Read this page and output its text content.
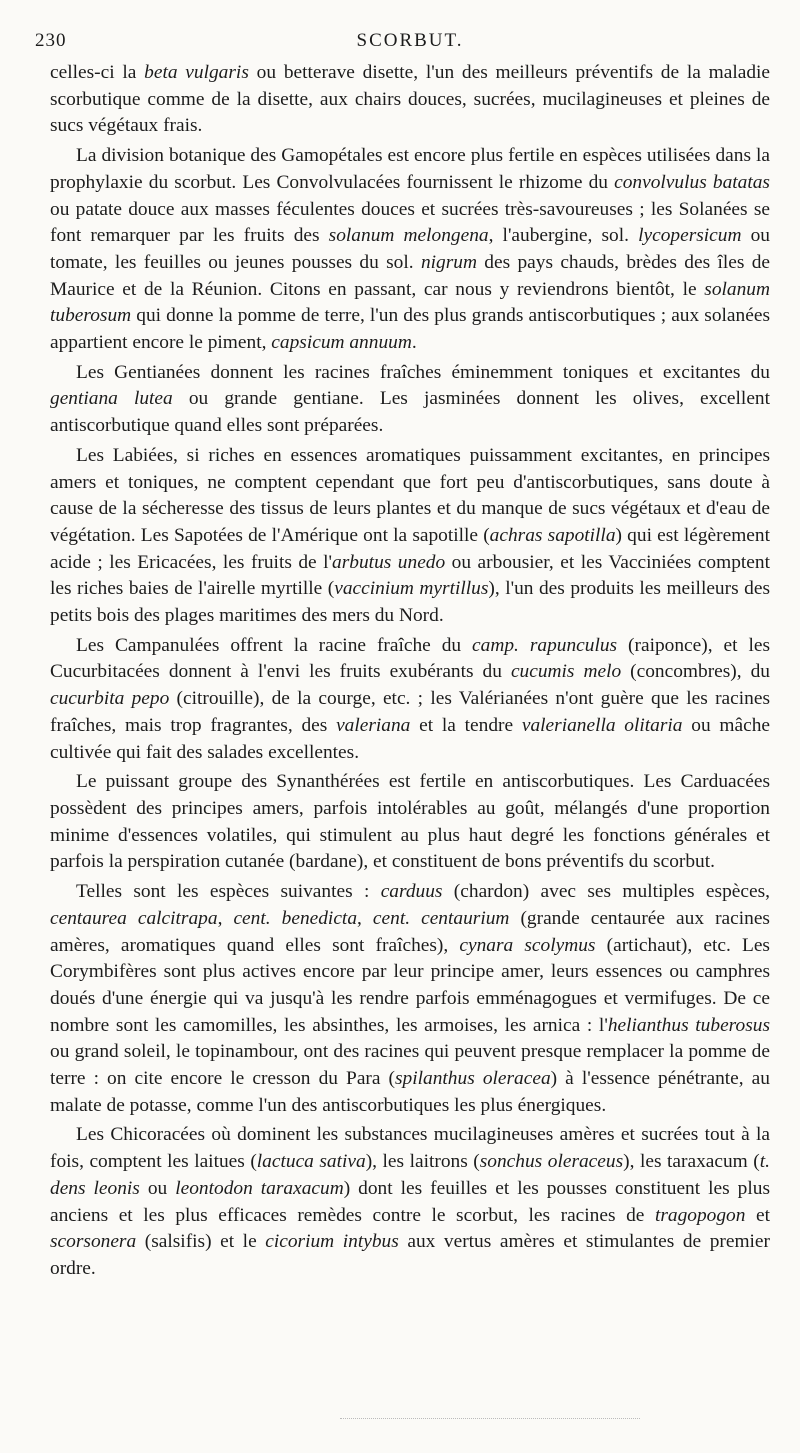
230	SCORBUT.

celles-ci la beta vulgaris ou betterave disette, l'un des meilleurs préventifs de la maladie scorbutique comme de la disette, aux chairs douces, sucrées, mucilagineuses et pleines de sucs végétaux frais.

La division botanique des Gamopétales est encore plus fertile en espèces utilisées dans la prophylaxie du scorbut. Les Convolvulacées fournissent le rhizome du convolvulus batatas ou patate douce aux masses féculentes douces et sucrées très-savoureuses ; les Solanées se font remarquer par les fruits des solanum melongena, l'aubergine, sol. lycopersicum ou tomate, les feuilles ou jeunes pousses du sol. nigrum des pays chauds, brèdes des îles de Maurice et de la Réunion. Citons en passant, car nous y reviendrons bientôt, le solanum tuberosum qui donne la pomme de terre, l'un des plus grands antiscorbutiques ; aux solanées appartient encore le piment, capsicum annuum.

Les Gentianées donnent les racines fraîches éminemment toniques et excitantes du gentiana lutea ou grande gentiane. Les jasminées donnent les olives, excellent antiscorbutique quand elles sont préparées.

Les Labiées, si riches en essences aromatiques puissamment excitantes, en principes amers et toniques, ne comptent cependant que fort peu d'antiscorbutiques, sans doute à cause de la sécheresse des tissus de leurs plantes et du manque de sucs végétaux et d'eau de végétation. Les Sapotées de l'Amérique ont la sapotille (achras sapotilla) qui est légèrement acide ; les Ericacées, les fruits de l'arbutus unedo ou arbousier, et les Vacciniées comptent les riches baies de l'airelle myrtille (vaccinium myrtillus), l'un des produits les meilleurs des petits bois des plages maritimes des mers du Nord.

Les Campanulées offrent la racine fraîche du camp. rapunculus (raiponce), et les Cucurbitacées donnent à l'envi les fruits exubérants du cucumis melo (concombres), du cucurbita pepo (citrouille), de la courge, etc. ; les Valérianées n'ont guère que les racines fraîches, mais trop fragrantes, des valeriana et la tendre valerianella olitaria ou mâche cultivée qui fait des salades excellentes.

Le puissant groupe des Synanthérées est fertile en antiscorbutiques. Les Carduacées possèdent des principes amers, parfois intolérables au goût, mélangés d'une proportion minime d'essences volatiles, qui stimulent au plus haut degré les fonctions générales et parfois la perspiration cutanée (bardane), et constituent de bons préventifs du scorbut.

Telles sont les espèces suivantes : carduus (chardon) avec ses multiples espèces, centaurea calcitrapa, cent. benedicta, cent. centaurium (grande centaurée aux racines amères, aromatiques quand elles sont fraîches), cynara scolymus (artichaut), etc. Les Corymbifères sont plus actives encore par leur principe amer, leurs essences ou camphres doués d'une énergie qui va jusqu'à les rendre parfois emménagogues et vermifuges. De ce nombre sont les camomilles, les absinthes, les armoises, les arnica : l'helianthus tuberosus ou grand soleil, le topinambour, ont des racines qui peuvent presque remplacer la pomme de terre : on cite encore le cresson du Para (spilanthus oleracea) à l'essence pénétrante, au malate de potasse, comme l'un des antiscorbutiques les plus énergiques.

Les Chicoracées où dominent les substances mucilagineuses amères et sucrées tout à la fois, comptent les laitues (lactuca sativa), les laitrons (sonchus oleraceus), les taraxacum (t. dens leonis ou leontodon taraxacum) dont les feuilles et les pousses constituent les plus anciens et les plus efficaces remèdes contre le scorbut, les racines de tragopogon et scorsonera (salsifis) et le cicorium intybus aux vertus amères et stimulantes de premier ordre.
